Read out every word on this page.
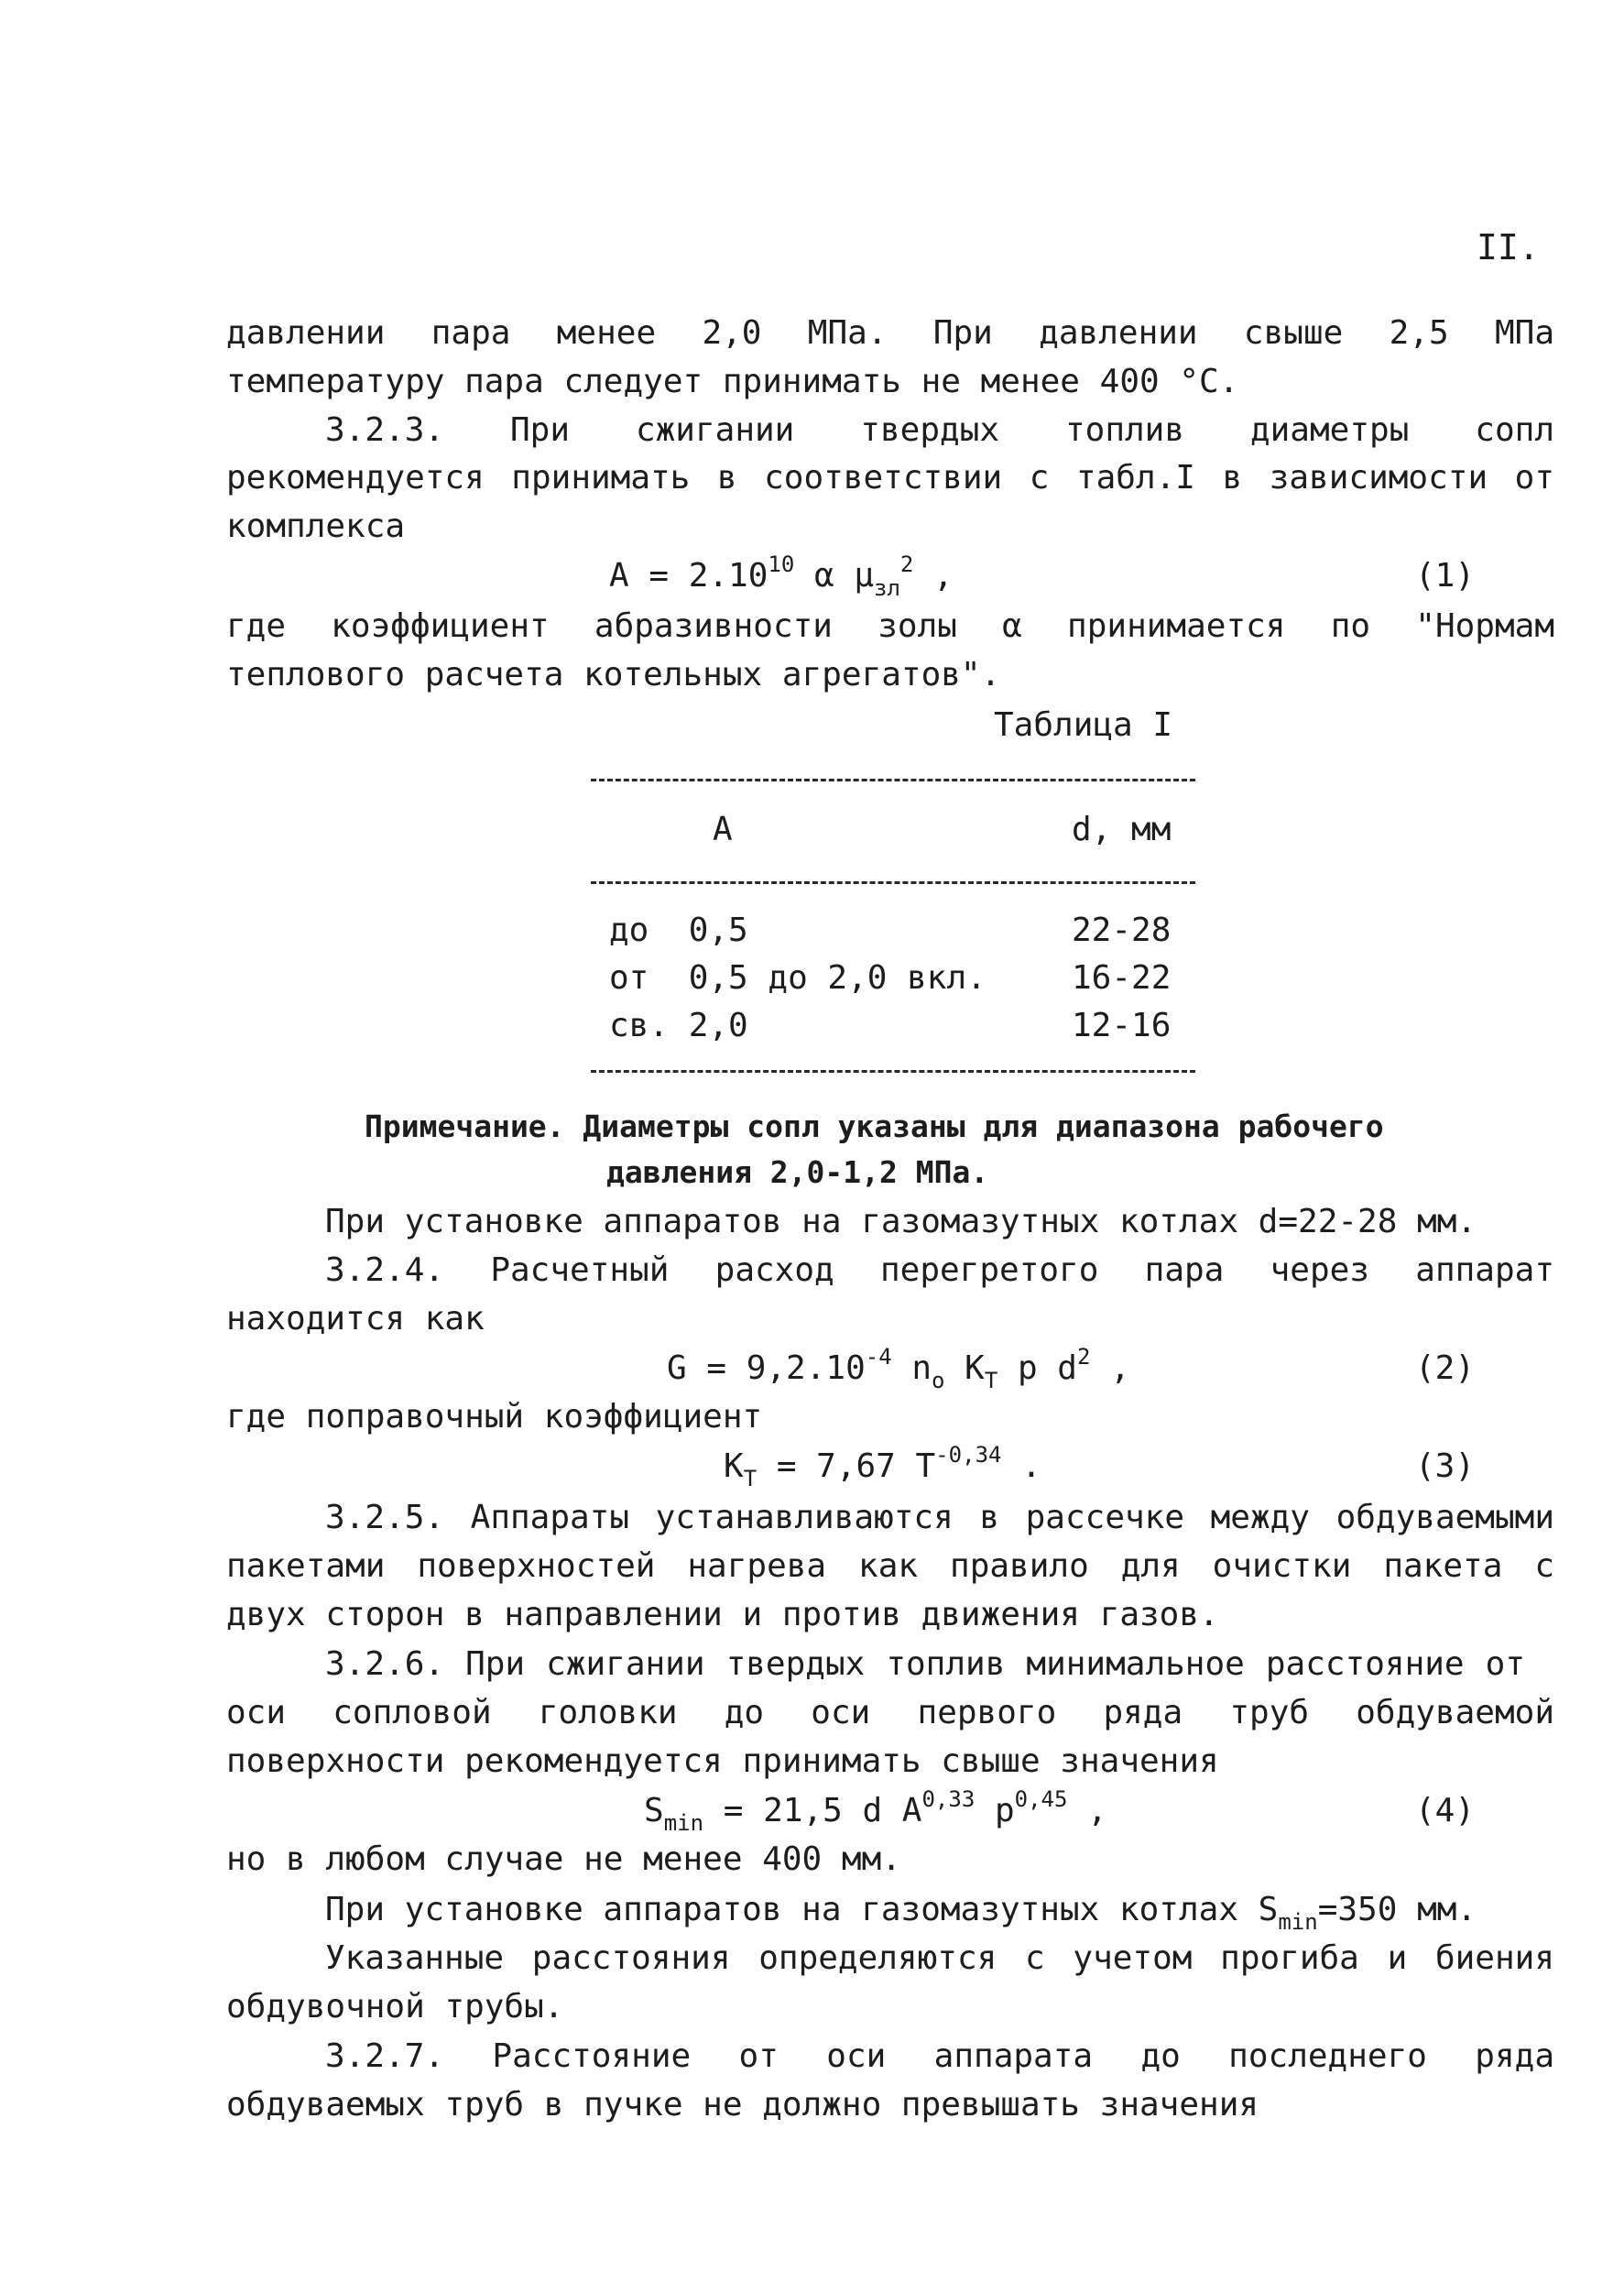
II.
давлении пара менее 2,0 МПа. При давлении свыше 2,5 МПа
температуру пара следует принимать не менее 400 °С.
3.2.3. При сжигании твердых топлив диаметры сопл
рекомендуется принимать в соответствии с табл.I в зависимости от
комплекса
$A = 2.10^{10}$ α $\mu_{зл}^2$ ,	(1)
где коэффициент абразивности золы α принимается по "Нормам
теплового расчета котельных агрегатов".
Таблица I
A	d, мм
до  0,5	22-28
от  0,5 до 2,0 вкл.	16-22
св. 2,0	12-16
Примечание. Диаметры сопл указаны для диапазона рабочего
давления 2,0-1,2 МПа.
При установке аппаратов на газомазутных котлах d=22-28 мм.
3.2.4. Расчетный расход перегретого пара через аппарат
находится как
$G = 9,2.10^{-4}$ $n_o$ $K_T$ p $d^2$ ,	(2)
где поправочный коэффициент
$K_T = 7,67$ $T^{-0,34}$ .	(3)
3.2.5. Аппараты устанавливаются в рассечке между обдуваемыми
пакетами поверхностей нагрева как правило для очистки пакета с
двух сторон в направлении и против движения газов.
3.2.6. При сжигании твердых топлив минимальное расстояние от
оси сопловой головки до оси первого ряда труб обдуваемой
поверхности рекомендуется принимать свыше значения
$S_{min} = 21,5$ d A$^{0,33}$ $p^{0,45}$ ,	(4)
но в любом случае не менее 400 мм.
При установке аппаратов на газомазутных котлах $S_{min}=350$ мм.
Указанные расстояния определяются с учетом прогиба и биения
обдувочной трубы.
3.2.7. Расстояние от оси аппарата до последнего ряда
обдуваемых труб в пучке не должно превышать значения
